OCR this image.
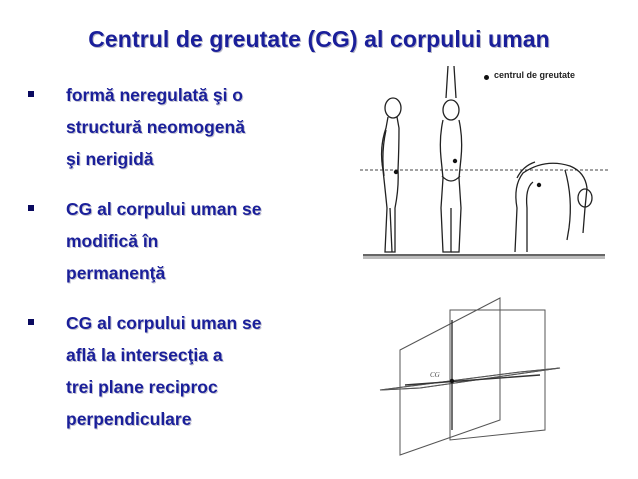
Centrul de greutate (CG) al corpului uman
formă neregulată şi o
structură neomogenă
şi nerigidă
CG al corpului uman se
modifică în
permanenţă
CG al corpului uman se
află la intersecţia a
trei plane reciproc
perpendiculare
centrul de greutate
CG
